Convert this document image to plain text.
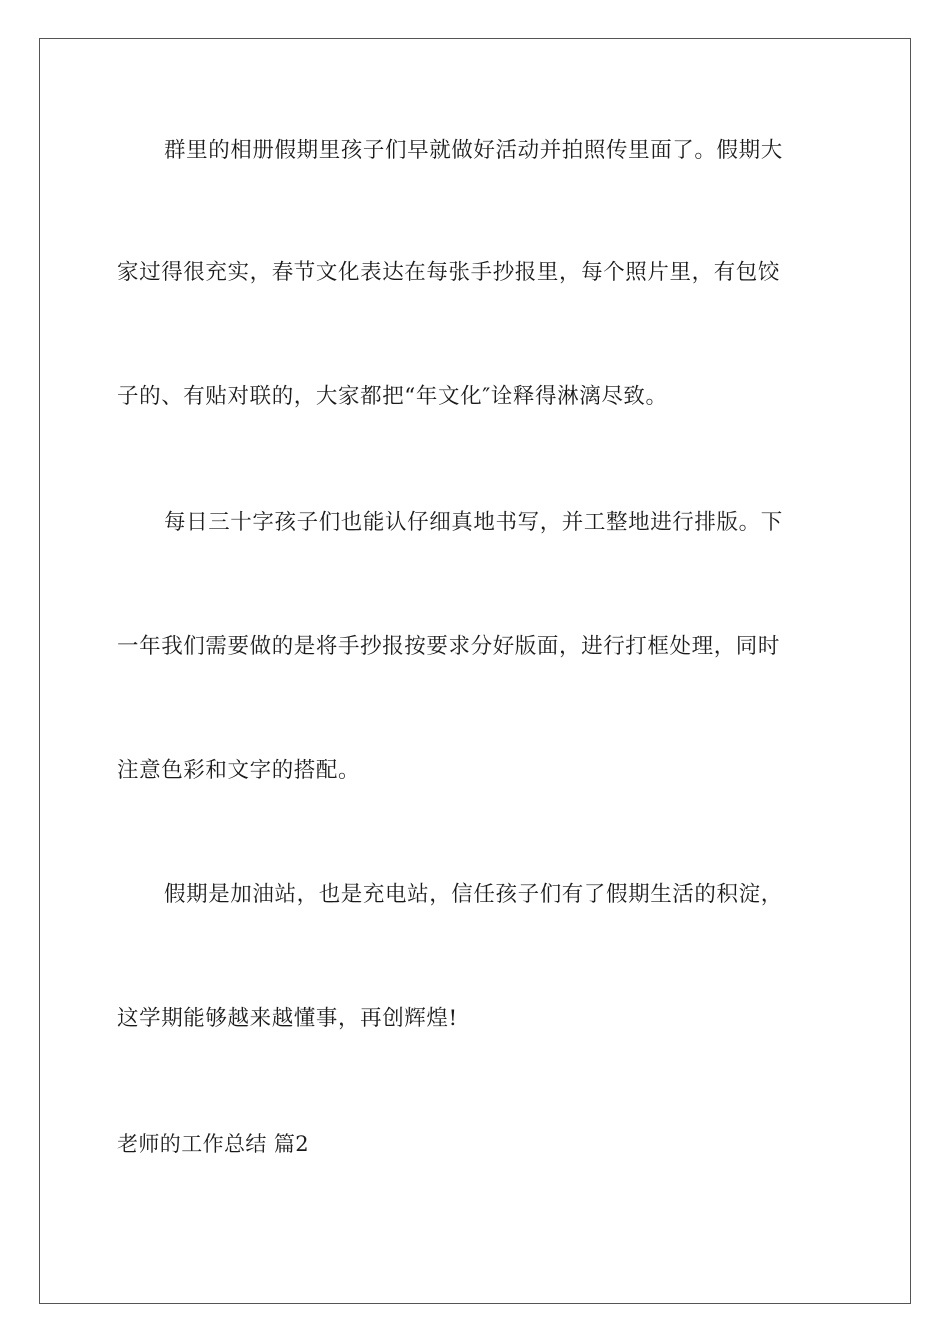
群里的相册假期里孩子们早就做好活动并拍照传里面了。假期大
家过得很充实，春节文化表达在每张手抄报里，每个照片里，有包饺
子的、有贴对联的，大家都把“年文化″诠释得淋漓尽致。
每日三十字孩子们也能认仔细真地书写，并工整地进行排版。下
一年我们需要做的是将手抄报按要求分好版面，进行打框处理，同时
注意色彩和文字的搭配。
假期是加油站，也是充电站，信任孩子们有了假期生活的积淀，
这学期能够越来越懂事，再创辉煌!
老师的工作总结 篇2
